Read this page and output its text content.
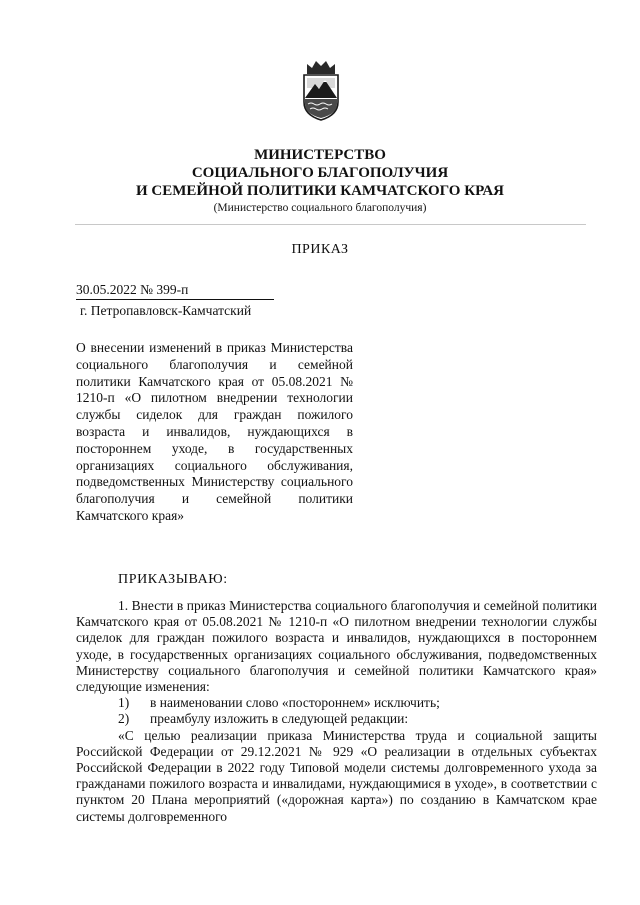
МИНИСТЕРСТВО
СОЦИАЛЬНОГО БЛАГОПОЛУЧИЯ
И СЕМЕЙНОЙ ПОЛИТИКИ КАМЧАТСКОГО КРАЯ
(Министерство социального благополучия)
ПРИКАЗ
30.05.2022 № 399-п
г. Петропавловск-Камчатский
О внесении изменений в приказ Министерства социального благополучия и семейной политики Камчатского края от 05.08.2021 № 1210-п «О пилотном внедрении технологии службы сиделок для граждан пожилого возраста и инвалидов, нуждающихся в постороннем уходе, в государственных организациях социального обслуживания, подведомственных Министерству социального благополучия и семейной политики Камчатского края»
ПРИКАЗЫВАЮ:

1. Внести в приказ Министерства социального благополучия и семейной политики Камчатского края от 05.08.2021 № 1210-п «О пилотном внедрении технологии службы сиделок для граждан пожилого возраста и инвалидов, нуждающихся в постороннем уходе, в государственных организациях социального обслуживания, подведомственных Министерству социального благополучия и семейной политики Камчатского края» следующие изменения:

1)	в наименовании слово «постороннем» исключить;
2)	преамбулу изложить в следующей редакции:

«С целью реализации приказа Министерства труда и социальной защиты Российской Федерации от 29.12.2021 № 929 «О реализации в отдельных субъектах Российской Федерации в 2022 году Типовой модели системы долговременного ухода за гражданами пожилого возраста и инвалидами, нуждающимися в уходе», в соответствии с пунктом 20 Плана мероприятий («дорожная карта») по созданию в Камчатском крае системы долговременного
